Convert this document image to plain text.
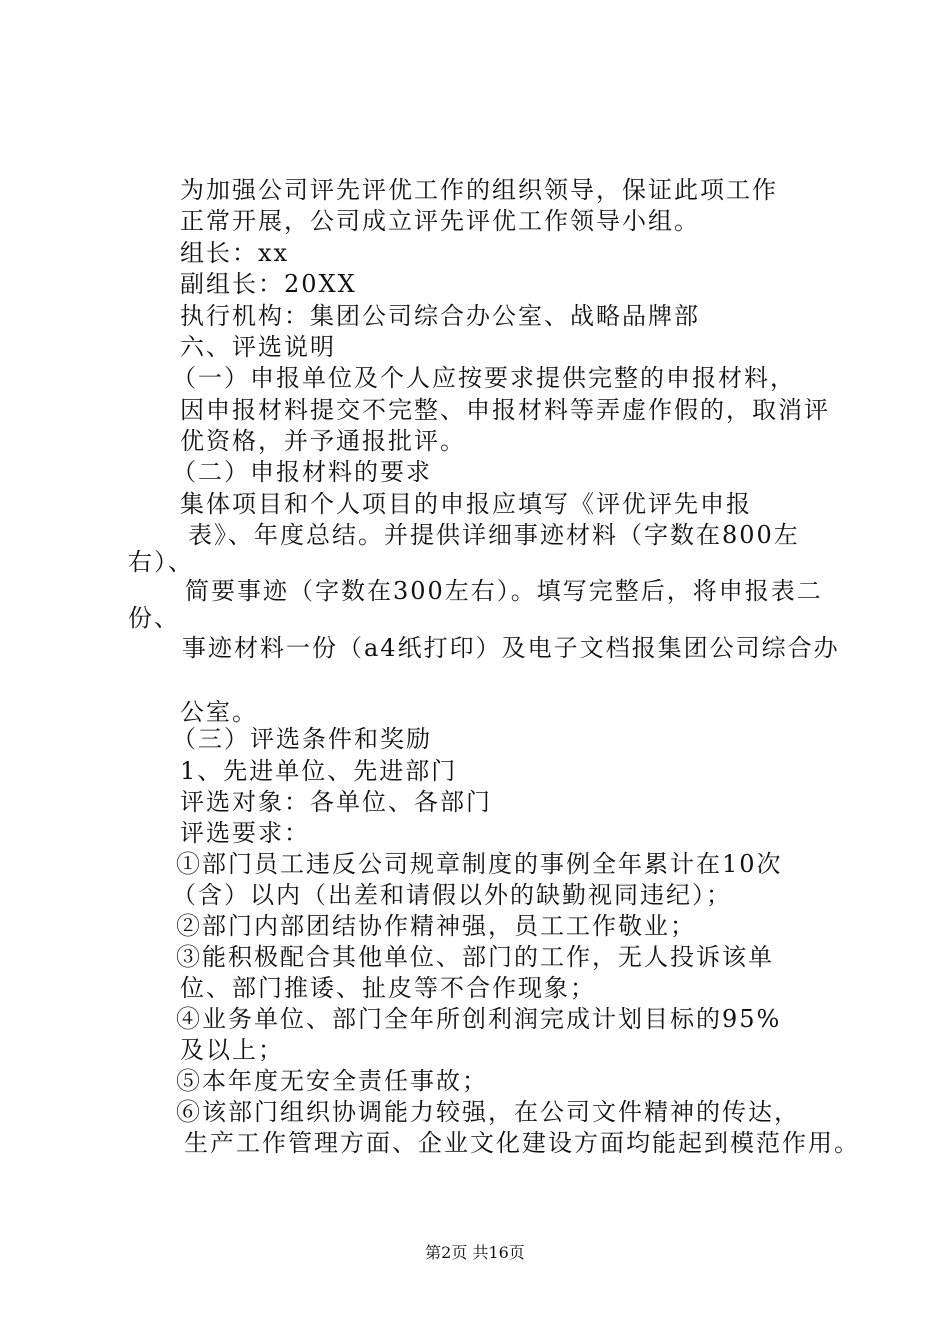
为加强公司评先评优工作的组织领导，保证此项工作
正常开展，公司成立评先评优工作领导小组。
组长：xx
副组长：20XX
执行机构：集团公司综合办公室、战略品牌部
六、评选说明
（一）申报单位及个人应按要求提供完整的申报材料，
因申报材料提交不完整、申报材料等弄虚作假的，取消评
优资格，并予通报批评。
（二）申报材料的要求
集体项目和个人项目的申报应填写《评优评先申报
表》、年度总结。并提供详细事迹材料（字数在800左
右）、
简要事迹（字数在300左右）。填写完整后，将申报表二
份、
事迹材料一份（a4纸打印）及电子文档报集团公司综合办
公室。
（三）评选条件和奖励
1、先进单位、先进部门
评选对象：各单位、各部门
评选要求：
①部门员工违反公司规章制度的事例全年累计在10次
（含）以内（出差和请假以外的缺勤视同违纪）；
②部门内部团结协作精神强，员工工作敬业；
③能积极配合其他单位、部门的工作，无人投诉该单
位、部门推诿、扯皮等不合作现象；
④业务单位、部门全年所创利润完成计划目标的95%
及以上；
⑤本年度无安全责任事故；
⑥该部门组织协调能力较强，在公司文件精神的传达，
生产工作管理方面、企业文化建设方面均能起到模范作用。
第2页 共16页
